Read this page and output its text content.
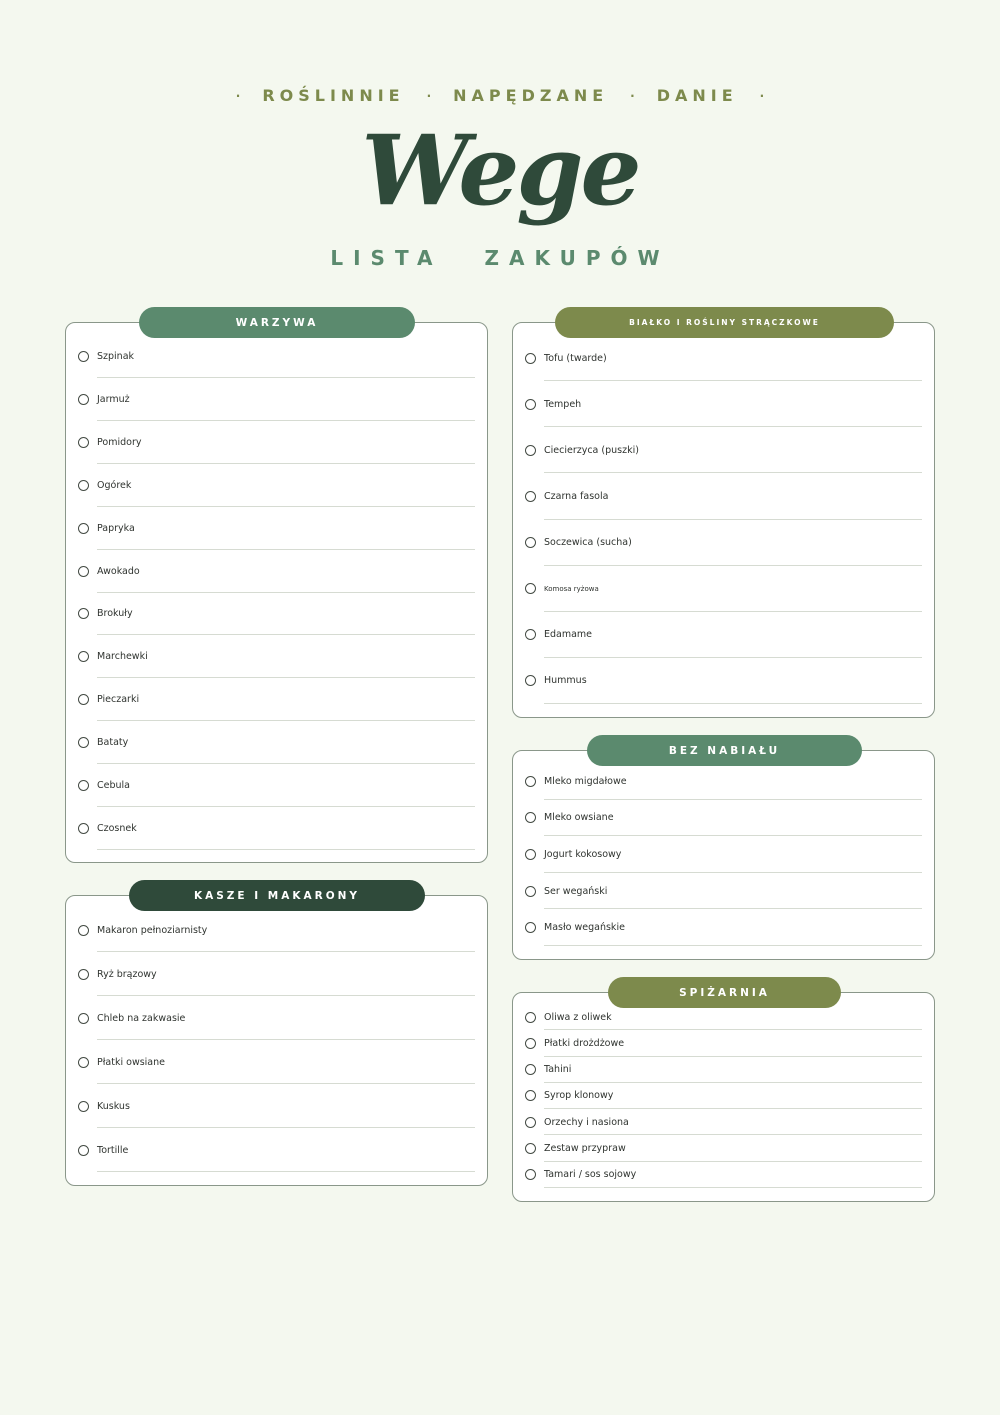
· ROŚLINNIE · NAPĘDZANE · DANIE ·
Wege
LISTA ZAKUPÓW
WARZYWA
Szpinak
Jarmuż
Pomidory
Ogórek
Papryka
Awokado
Brokuły
Marchewki
Pieczarki
Bataty
Cebula
Czosnek
KASZE I MAKARONY
Makaron pełnoziarnisty
Ryż brązowy
Chleb na zakwasie
Płatki owsiane
Kuskus
Tortille
BIAŁKO I ROŚLINY STRĄCZKOWE
Tofu (twarde)
Tempeh
Ciecierzyca (puszki)
Czarna fasola
Soczewica (sucha)
Komosa ryżowa
Edamame
Hummus
BEZ NABIAŁU
Mleko migdałowe
Mleko owsiane
Jogurt kokosowy
Ser wegański
Masło wegańskie
SPIŻARNIA
Oliwa z oliwek
Płatki drożdżowe
Tahini
Syrop klonowy
Orzechy i nasiona
Zestaw przypraw
Tamari / sos sojowy
